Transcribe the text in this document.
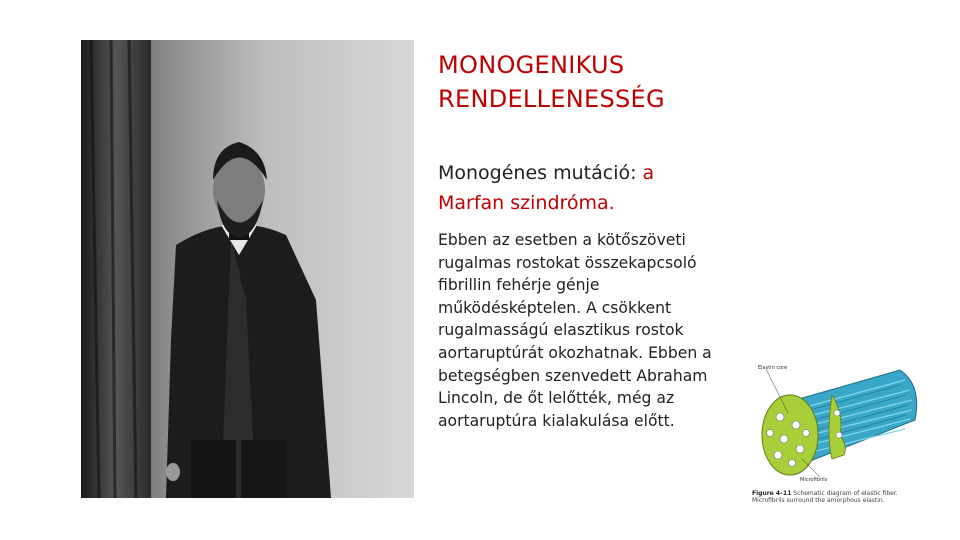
MONOGENIKUS
RENDELLENESSÉG
Monogénes mutáció: a
Marfan szindróma.
Ebben az esetben a kötőszöveti rugalmas rostokat összekapcsoló fibrillin fehérje génje működésképtelen. A csökkent rugalmasságú elasztikus rostok aortaruptúrát okozhatnak. Ebben a betegségben szenvedett Abraham Lincoln, de őt lelőtték, még az aortaruptúra kialakulása előtt.
Elastin core
Microfibrils
Figure 4–11 Schematic diagram of elastic fiber. Microfibrils surround the amorphous elastin.
